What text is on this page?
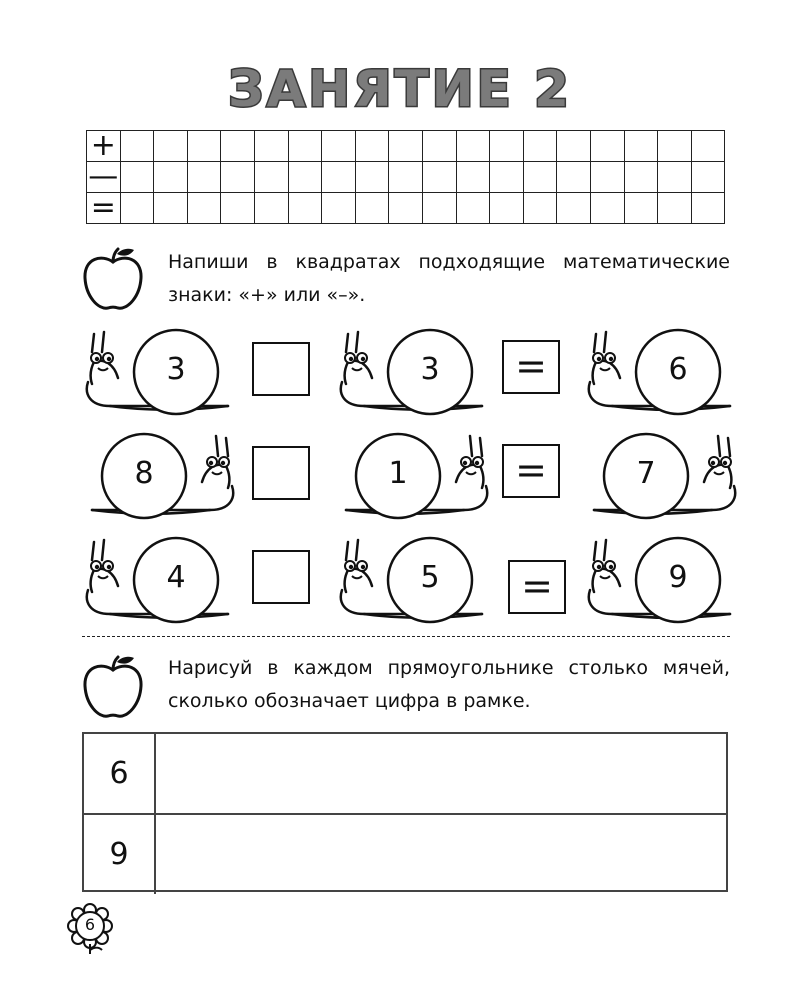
ЗАНЯТИЕ 2
+																		
—																		
=																		
Напиши в квадратах подходящие математические знаки: «+» или «–».
3	3	=	6
8	1	=	7
4	5	=	9
Нарисуй в каждом прямоугольнике столько мячей, сколько обозначает цифра в рамке.
6
9
6
